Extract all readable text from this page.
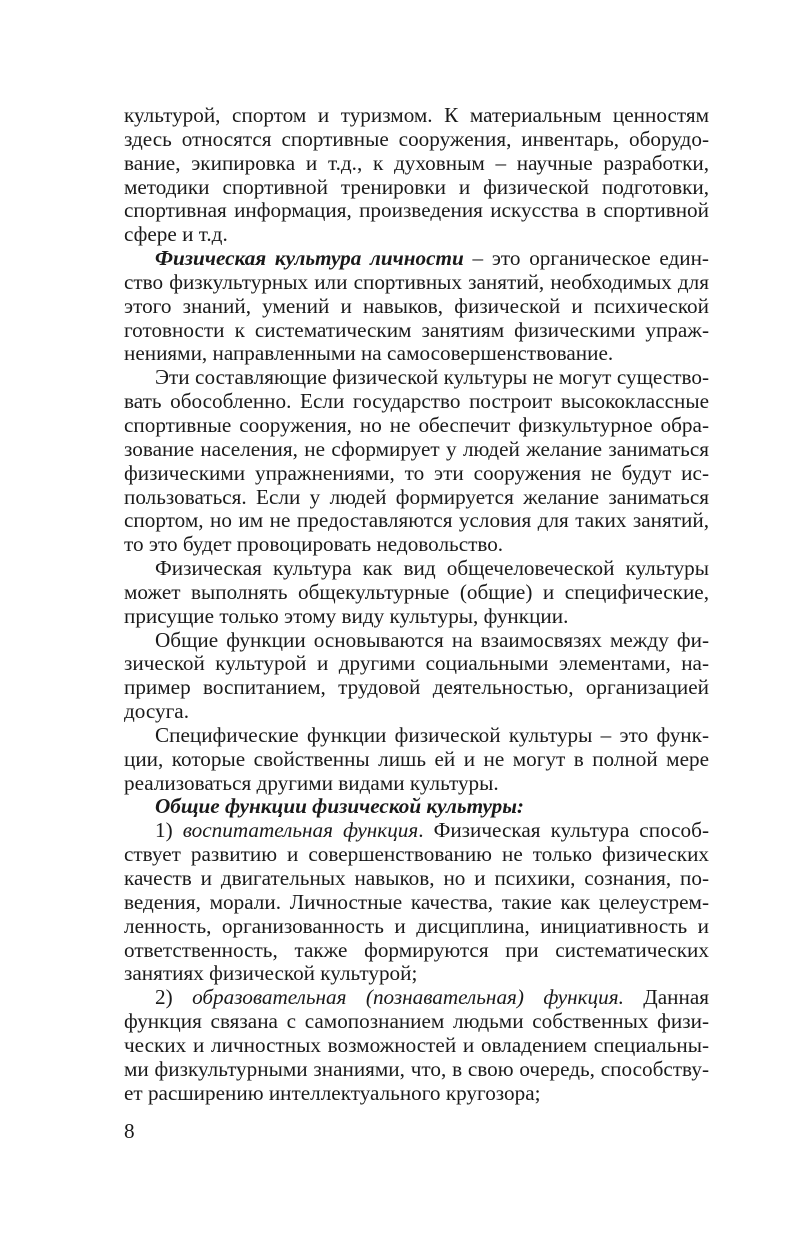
культурой, спортом и туризмом. К материальным ценностям здесь относятся спортивные сооружения, инвентарь, оборудование, экипировка и т.д., к духовным – научные разработки, методики спортивной тренировки и физической подготовки, спортивная информация, произведения искусства в спортивной сфере и т.д.

Физическая культура личности – это органическое единство физкультурных или спортивных занятий, необходимых для этого знаний, умений и навыков, физической и психической готовности к систематическим занятиям физическими упражнениями, направленными на самосовершенствование.

Эти составляющие физической культуры не могут существовать обособленно. Если государство построит высококлассные спортивные сооружения, но не обеспечит физкультурное образование населения, не сформирует у людей желание заниматься физическими упражнениями, то эти сооружения не будут использоваться. Если у людей формируется желание заниматься спортом, но им не предоставляются условия для таких занятий, то это будет провоцировать недовольство.

Физическая культура как вид общечеловеческой культуры может выполнять общекультурные (общие) и специфические, присущие только этому виду культуры, функции.

Общие функции основываются на взаимосвязях между физической культурой и другими социальными элементами, например воспитанием, трудовой деятельностью, организацией досуга.

Специфические функции физической культуры – это функции, которые свойственны лишь ей и не могут в полной мере реализоваться другими видами культуры.

Общие функции физической культуры:

1) воспитательная функция. Физическая культура способствует развитию и совершенствованию не только физических качеств и двигательных навыков, но и психики, сознания, поведения, морали. Личностные качества, такие как целеустремленность, организованность и дисциплина, инициативность и ответственность, также формируются при систематических занятиях физической культурой;

2) образовательная (познавательная) функция. Данная функция связана с самопознанием людьми собственных физических и личностных возможностей и овладением специальными физкультурными знаниями, что, в свою очередь, способствует расширению интеллектуального кругозора;

8
